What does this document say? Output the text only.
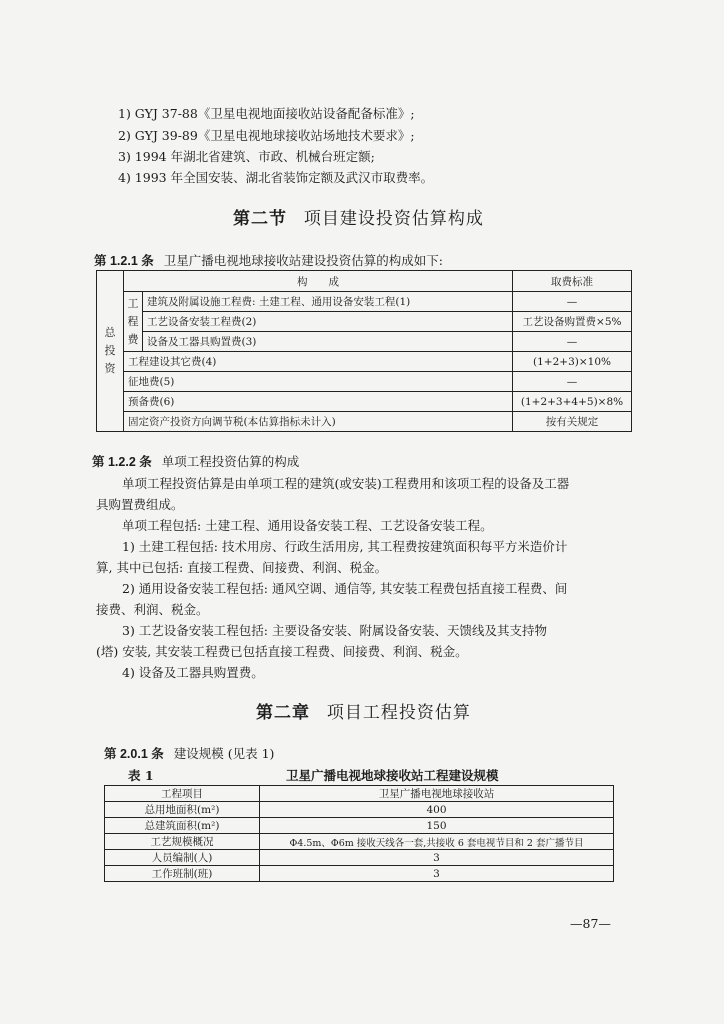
1) GYJ 37-88《卫星电视地面接收站设备配备标准》;
2) GYJ 39-89《卫星电视地球接收站场地技术要求》;
3) 1994 年湖北省建筑、市政、机械台班定额;
4) 1993 年全国安装、湖北省装饰定额及武汉市取费率。
第二节 项目建设投资估算构成
第 1.2.1 条 卫星广播电视地球接收站建设投资估算的构成如下:
总
投
资	构　　成		取费标准

	工
程
费	建筑及附属设施工程费: 土建工程、通用设备安装工程(1)	—
		工艺设备安装工程费(2)	工艺设备购置费×5%
		设备及工器具购置费(3)	—
	工程建设其它费(4)		(1+2+3)×10%
	征地费(5)		—
	预备费(6)		(1+2+3+4+5)×8%
	固定资产投资方向调节税(本估算指标未计入)		按有关规定
第 1.2.2 条 单项工程投资估算的构成
单项工程投资估算是由单项工程的建筑(或安装)工程费用和该项工程的设备及工器
具购置费组成。
单项工程包括: 土建工程、通用设备安装工程、工艺设备安装工程。
1) 土建工程包括: 技术用房、行政生活用房, 其工程费按建筑面积每平方米造价计
算, 其中已包括: 直接工程费、间接费、利润、税金。
2) 通用设备安装工程包括: 通风空调、通信等, 其安装工程费包括直接工程费、间
接费、利润、税金。
3) 工艺设备安装工程包括: 主要设备安装、附属设备安装、天馈线及其支持物
(塔) 安装, 其安装工程费已包括直接工程费、间接费、利润、税金。
4) 设备及工器具购置费。
第二章 项目工程投资估算
第 2.0.1 条 建设规模 (见表 1)
表 1	卫星广播电视地球接收站工程建设规模
工程项目	卫星广播电视地球接收站
总用地面积(m²)	400
总建筑面积(m²)	150
工艺规模概况	Φ4.5m、Φ6m 接收天线各一套,共接收 6 套电视节目和 2 套广播节目
人员编制(人)	3
工作班制(班)	3
—87—
